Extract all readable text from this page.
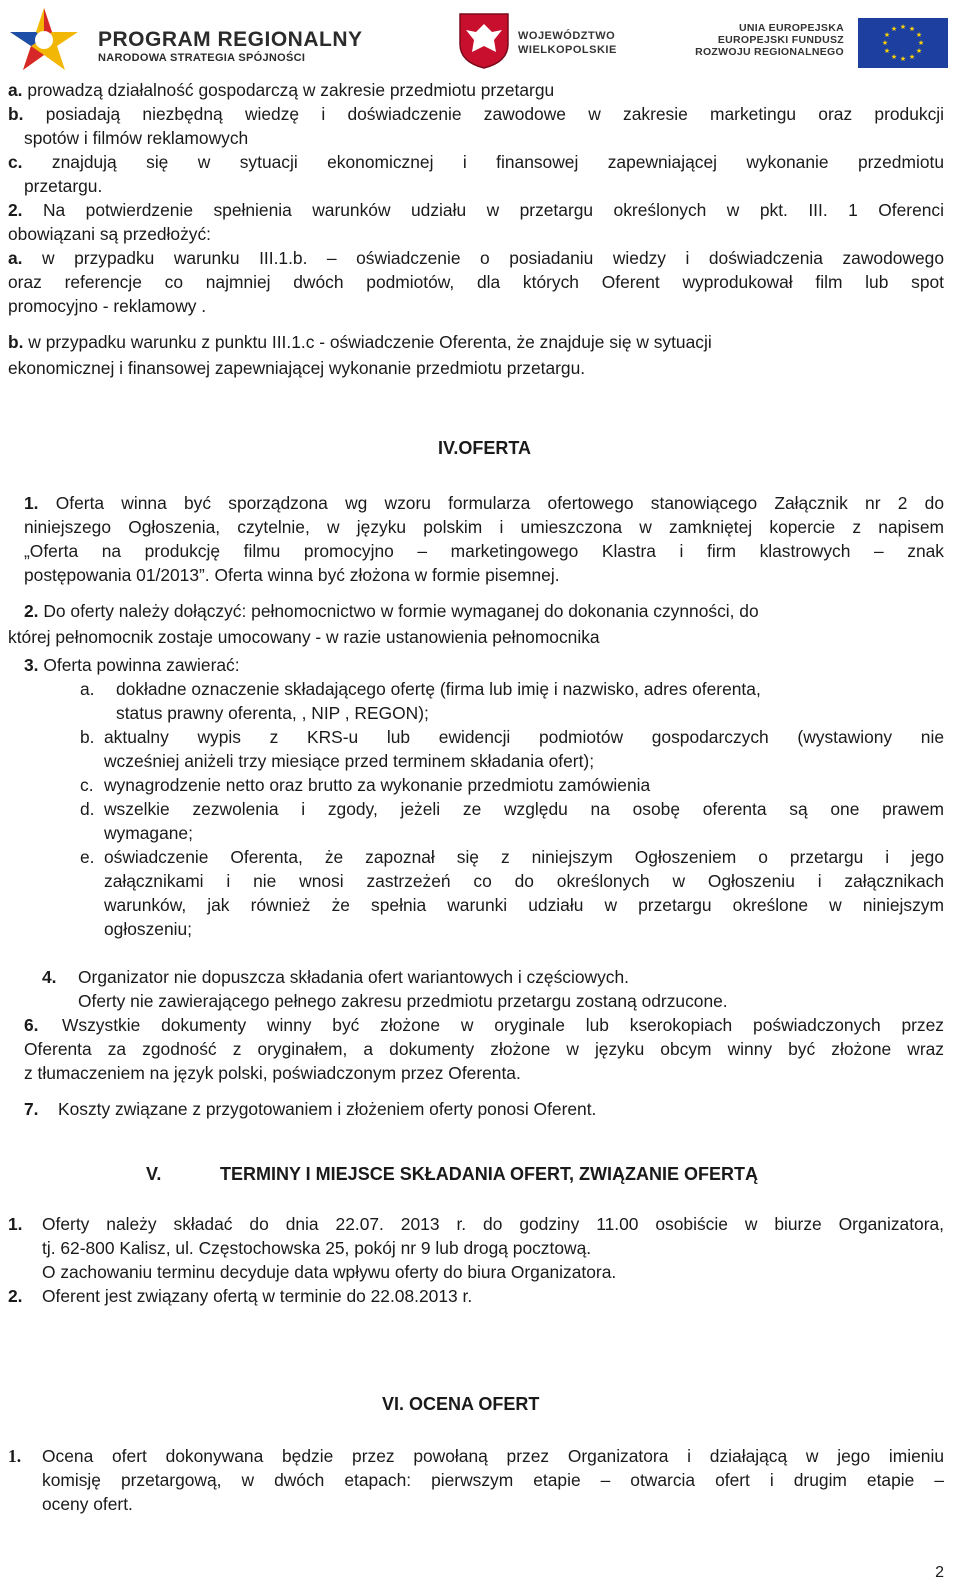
PROGRAM REGIONALNY
NARODOWA STRATEGIA SPÓJNOŚCI
WOJEWÓDZTWO
WIELKOPOLSKIE
UNIA EUROPEJSKA
EUROPEJSKI FUNDUSZ
ROZWOJU REGIONALNEGO
★ ★
★
★
★
★
★
★
★
★
★
★
a. prowadzą działalność gospodarczą w zakresie przedmiotu przetargu
b. posiadają niezbędną wiedzę i doświadczenie zawodowe w zakresie marketingu oraz produkcji
spotów i filmów reklamowych
c. znajdują się w sytuacji ekonomicznej i finansowej zapewniającej wykonanie przedmiotu
przetargu.
2. Na potwierdzenie spełnienia warunków udziału w przetargu określonych w pkt. III. 1 Oferenci
obowiązani są przedłożyć:
a. w przypadku warunku III.1.b. – oświadczenie o posiadaniu wiedzy i doświadczenia zawodowego
oraz referencje co najmniej dwóch podmiotów, dla których Oferent wyprodukował film lub spot
promocyjno - reklamowy .
b. w przypadku warunku z punktu III.1.c - oświadczenie Oferenta, że znajduje się w sytuacji
ekonomicznej i finansowej zapewniającej wykonanie przedmiotu przetargu.
IV.OFERTA
1. Oferta winna być sporządzona wg wzoru formularza ofertowego stanowiącego Załącznik nr 2 do
niniejszego Ogłoszenia, czytelnie, w języku polskim i umieszczona w zamkniętej kopercie z napisem
„Oferta na produkcję filmu promocyjno – marketingowego Klastra i firm klastrowych – znak
postępowania 01/2013”. Oferta winna być złożona w formie pisemnej.
2. Do oferty należy dołączyć: pełnomocnictwo w formie wymaganej do dokonania czynności, do
której pełnomocnik zostaje umocowany - w razie ustanowienia pełnomocnika
3. Oferta powinna zawierać:
a. dokładne oznaczenie składającego ofertę (firma lub imię i nazwisko, adres oferenta,
status prawny oferenta, , NIP , REGON);
b. aktualny wypis z KRS-u lub ewidencji podmiotów gospodarczych (wystawiony nie
wcześniej aniżeli trzy miesiące przed terminem składania ofert);
c. wynagrodzenie netto oraz brutto za wykonanie przedmiotu zamówienia
d. wszelkie zezwolenia i zgody, jeżeli ze względu na osobę oferenta są one prawem
wymagane;
e. oświadczenie Oferenta, że zapoznał się z niniejszym Ogłoszeniem o przetargu i jego
załącznikami i nie wnosi zastrzeżeń co do określonych w Ogłoszeniu i załącznikach
warunków, jak również że spełnia warunki udziału w przetargu określone w niniejszym
ogłoszeniu;
4. Organizator nie dopuszcza składania ofert wariantowych i częściowych.
Oferty nie zawierającego pełnego zakresu przedmiotu przetargu zostaną odrzucone.
6. Wszystkie dokumenty winny być złożone w oryginale lub kserokopiach poświadczonych przez
Oferenta za zgodność z oryginałem, a dokumenty złożone w języku obcym winny być złożone wraz
z tłumaczeniem na język polski, poświadczonym przez Oferenta.
7. Koszty związane z przygotowaniem i złożeniem oferty ponosi Oferent.
V.	TERMINY I MIEJSCE SKŁADANIA OFERT, ZWIĄZANIE OFERTĄ
1. Oferty należy składać do dnia 22.07. 2013 r. do godziny 11.00 osobiście w biurze Organizatora,
tj. 62-800 Kalisz, ul. Częstochowska 25, pokój nr 9 lub drogą pocztową.
O zachowaniu terminu decyduje data wpływu oferty do biura Organizatora.
2. Oferent jest związany ofertą w terminie do 22.08.2013 r.
VI. OCENA OFERT
1. Ocena ofert dokonywana będzie przez powołaną przez Organizatora i działającą w jego imieniu
komisję przetargową, w dwóch etapach: pierwszym etapie – otwarcia ofert i drugim etapie –
oceny ofert.
2
